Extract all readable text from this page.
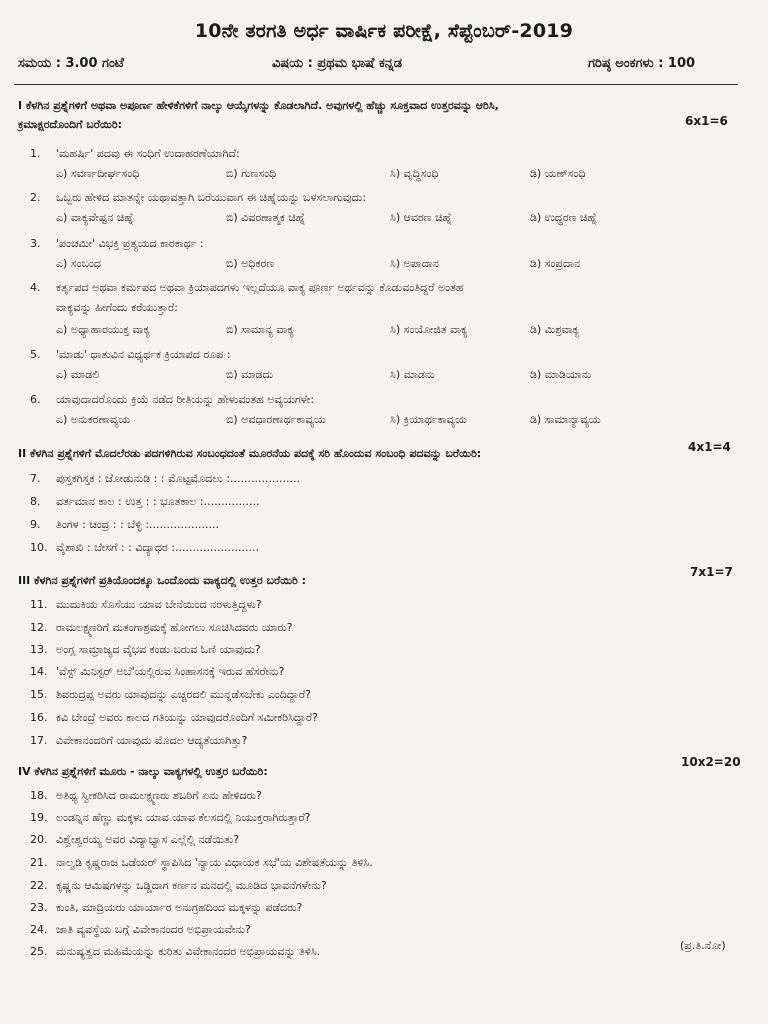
10ನೇ ತರಗತಿ ಅರ್ಧ ವಾರ್ಷಿಕ ಪರೀಕ್ಷೆ, ಸೆಪ್ಟೆಂಬರ್-2019
ಸಮಯ : 3.00 ಗಂಟೆ	ವಿಷಯ : ಪ್ರಥಮ ಭಾಷೆ ಕನ್ನಡ	ಗರಿಷ್ಠ ಅಂಕಗಳು : 100
I ಕೆಳಗಿನ ಪ್ರಶ್ನೆಗಳಿಗೆ ಅಥವಾ ಅಪೂರ್ಣ ಹೇಳಿಕೆಗಳಿಗೆ ನಾಲ್ಕು ಆಯ್ಕೆಗಳನ್ನು ಕೊಡಲಾಗಿದೆ. ಅವುಗಳಲ್ಲಿ ಹೆಚ್ಚು ಸೂಕ್ತವಾದ ಉತ್ತರವನ್ನು ಆರಿಸಿ,
ಕ್ರಮಾಕ್ಷರದೊಂದಿಗೆ ಬರೆಯಿರಿ:	6x1=6
1. 'ಮಹರ್ಷಿ' ಪದವು ಈ ಸಂಧಿಗೆ ಉದಾಹರಣೆಯಾಗಿದೆ:
ಎ) ಸವರ್ಣದೀರ್ಘಸಂಧಿ	ಬಿ) ಗುಣಸಂಧಿ	ಸಿ) ವೃದ್ಧಿಸಂಧಿ	ಡಿ) ಯಣ್‌ಸಂಧಿ
2. ಒಬ್ಬರು ಹೇಳಿದ ಮಾತನ್ನೇ ಯಥಾವತ್ತಾಗಿ ಬರೆಯುವಾಗ ಈ ಚಿಹ್ನೆಯನ್ನು ಬಳಸಲಾಗುವುದು:
ಎ) ವಾಕ್ಯವೇಷ್ಟನ ಚಿಹ್ನೆ	ಬಿ) ವಿವರಣಾತ್ಮಕ ಚಿಹ್ನೆ	ಸಿ) ಆವರಣ ಚಿಹ್ನೆ	ಡಿ) ಉದ್ಧರಣ ಚಿಹ್ನೆ
3. 'ಪಂಚಮೀ' ವಿಭಕ್ತಿ ಪ್ರತ್ಯಯದ ಕಾರಕಾರ್ಥ :
ಎ) ಸಂಬಂಧ	ಬಿ) ಅಧಿಕರಣ	ಸಿ) ಅಪಾದಾನ	ಡಿ) ಸಂಪ್ರದಾನ
4. ಕರ್ತೃಪದ ಅಥವಾ ಕರ್ಮಪದ ಅಥವಾ ಕ್ರಿಯಾಪದಗಳು ಇಲ್ಲದೆಯೂ ವಾಕ್ಯ ಪೂರ್ಣ ಅರ್ಥವನ್ನು ಕೊಡುವಂತಿದ್ದರೆ ಅಂತಹ
ವಾಕ್ಯವನ್ನು ಹೀಗೆಂದು ಕರೆಯುತ್ತಾರೆ:
ಎ) ಅಧ್ಯಾಹಾರಯುಕ್ತ ವಾಕ್ಯ	ಬಿ) ಸಾಮಾನ್ಯ ವಾಕ್ಯ	ಸಿ) ಸಂಯೋಜಿತ ವಾಕ್ಯ	ಡಿ) ಮಿಶ್ರವಾಕ್ಯ
5. 'ಮಾಡು' ಧಾತುವಿನ ವಿಧ್ಯರ್ಥಕ ಕ್ರಿಯಾಪದ ರೂಪ :
ಎ) ಮಾಡಲಿ	ಬಿ) ಮಾಡದು	ಸಿ) ಮಾಡನು	ಡಿ) ಮಾಡಿಯಾನು
6. ಯಾವುದಾದರೊಂದು ಕ್ರಿಯೆ ನಡೆದ ರೀತಿಯನ್ನು ಹೇಳುವಂತಹ ಅವ್ಯಯಗಳೇ:
ಎ) ಅನುಕರಣಾವ್ಯಯ	ಬಿ) ಅವಧಾರಣಾರ್ಥಕಾವ್ಯಯ	ಸಿ) ಕ್ರಿಯಾರ್ಥಕಾವ್ಯಯ	ಡಿ) ಸಾಮಾನ್ಯಾವ್ಯಯ
II ಕೆಳಗಿನ ಪ್ರಶ್ನೆಗಳಿಗೆ ಮೊದಲೆರಡು ಪದಗಳಿಗಿರುವ ಸಂಬಂಧದಂತೆ ಮೂರನೆಯ ಪದಕ್ಕೆ ಸರಿ ಹೊಂದುವ ಸಂಬಂಧಿ ಪದವನ್ನು ಬರೆಯಿರಿ:	4x1=4
7. ಪುಸ್ತಕಗಿಸ್ತಕ : ಜೋಡುನುಡಿ : : ಮೊಟ್ಟಮೊದಲು :....................
8. ವರ್ತಮಾನ ಕಾಲ : ಉತ್ತ : : ಭೂತಕಾಲ :................
9. ತಿಂಗಳ : ಚಂದ್ರ : : ಬೆಳ್ಳಿ :....................
10. ವೈಶಾಖಿ : ಬೇಸಗೆ : : ವಿದ್ಯಾಧರ :........................
III ಕೆಳಗಿನ ಪ್ರಶ್ನೆಗಳಿಗೆ ಪ್ರತಿಯೊಂದಕ್ಕೂ ಒಂದೊಂದು ವಾಕ್ಯದಲ್ಲಿ ಉತ್ತರ ಬರೆಯಿರಿ :
7x1=7
11. ಮುದುಕಿಯ ಸೊಸೆಯು ಯಾವ ಬೇನೆಯಿಂದ ನರಳುತ್ತಿದ್ದಳು?
12. ರಾಮಲಕ್ಷ್ಮಣರಿಗೆ ಮತಂಗಾಶ್ರಮಕ್ಕೆ ಹೋಗಲು ಸೂಚಿಸಿದವರು ಯಾರು?
13. ಅಂಗ್ಲ ಸಾಮ್ರಾಜ್ಯದ ವೈಭವ ಕಂಡು ಬರುವ ಓಣಿ ಯಾವುದು?
14. 'ವೆಸ್ಟ್ ಮಿನಿಸ್ಟರ್ ಅಬೆ'ಯಲ್ಲಿರುವ ಸಿಂಹಾಸನಕ್ಕೆ ಇರುವ ಹೆಸರೇನು?
15. ಶಿವರುದ್ರಪ್ಪ ಅವರು ಯಾವುದನ್ನು ಎಚ್ಚರದಲಿ ಮುನ್ನಡೆಸಬೇಕು ಎಂದಿದ್ದಾರೆ?
16. ಕವಿ ಬೇಂದ್ರೆ ಅವರು ಕಾಲದ ಗತಿಯನ್ನು ಯಾವುದರೊಂದಿಗೆ ಸಮೀಕರಿಸಿದ್ದಾರೆ?
17. ವಿವೇಕಾನಂದರಿಗೆ ಯಾವುದು ಮೊದಲ ಆದ್ಯತೆಯಾಗಿತ್ತು?
IV ಕೆಳಗಿನ ಪ್ರಶ್ನೆಗಳಿಗೆ ಮೂರು - ನಾಲ್ಕು ವಾಕ್ಯಗಳಲ್ಲಿ ಉತ್ತರ ಬರೆಯಿರಿ:
10x2=20
18. ಅತಿಥ್ಯ ಸ್ವೀಕರಿಸಿದ ರಾಮಲಕ್ಷ್ಮಣರು ಶಬರಿಗೆ ಏನು ಹೇಳಿದರು?
19. ಲಂಡನ್ನಿನ ಹೆಣ್ಣು ಮಕ್ಕಳು ಯಾವ ಯಾವ ಕೆಲಸದಲ್ಲಿ ನಿಯುಕ್ತರಾಗಿರುತ್ತಾರೆ?
20. ವಿಶ್ವೇಶ್ವರಯ್ಯ ಅವರ ವಿದ್ಯಾಭ್ಯಾಸ ಎಲ್ಲೆಲ್ಲಿ ನಡೆಯಿತು?
21. ನಾಲ್ವಡಿ ಕೃಷ್ಣರಾಜ ಒಡೆಯರ್ ಸ್ಥಾಪಿಸಿದ 'ನ್ಯಾಯ ವಿಧಾಯಕ ಸಭೆ'ಯ ವಿಶೇಷತೆಯನ್ನು ತಿಳಿಸಿ.
22. ಕೃಷ್ಣನು ಆಮಿಷಗಳನ್ನು ಒಡ್ಡಿದಾಗ ಕರ್ಣನ ಮನದಲ್ಲಿ ಮೂಡಿದ ಭಾವನೆಗಳೇನು?
23. ಕುಂತಿ, ಮಾದ್ರಿಯರು ಯಾರ್ಯಾರ ಅನುಗ್ರಹದಿಂದ ಮಕ್ಕಳನ್ನು ಪಡೆದರು?
24. ಜಾತಿ ವ್ಯವಸ್ಥೆಯ ಬಗ್ಗೆ ವಿವೇಕಾನಂದರ ಅಭಿಪ್ರಾಯವೇನು?
25. ಮನುಷ್ಯತ್ವದ ಮಹಿಮೆಯನ್ನು ಕುರಿತು ವಿವೇಕಾನಂದರ ಅಭಿಪ್ರಾಯವನ್ನು ತಿಳಿಸಿ.	(ಪ್ರ.ತಿ.ನೋ)
